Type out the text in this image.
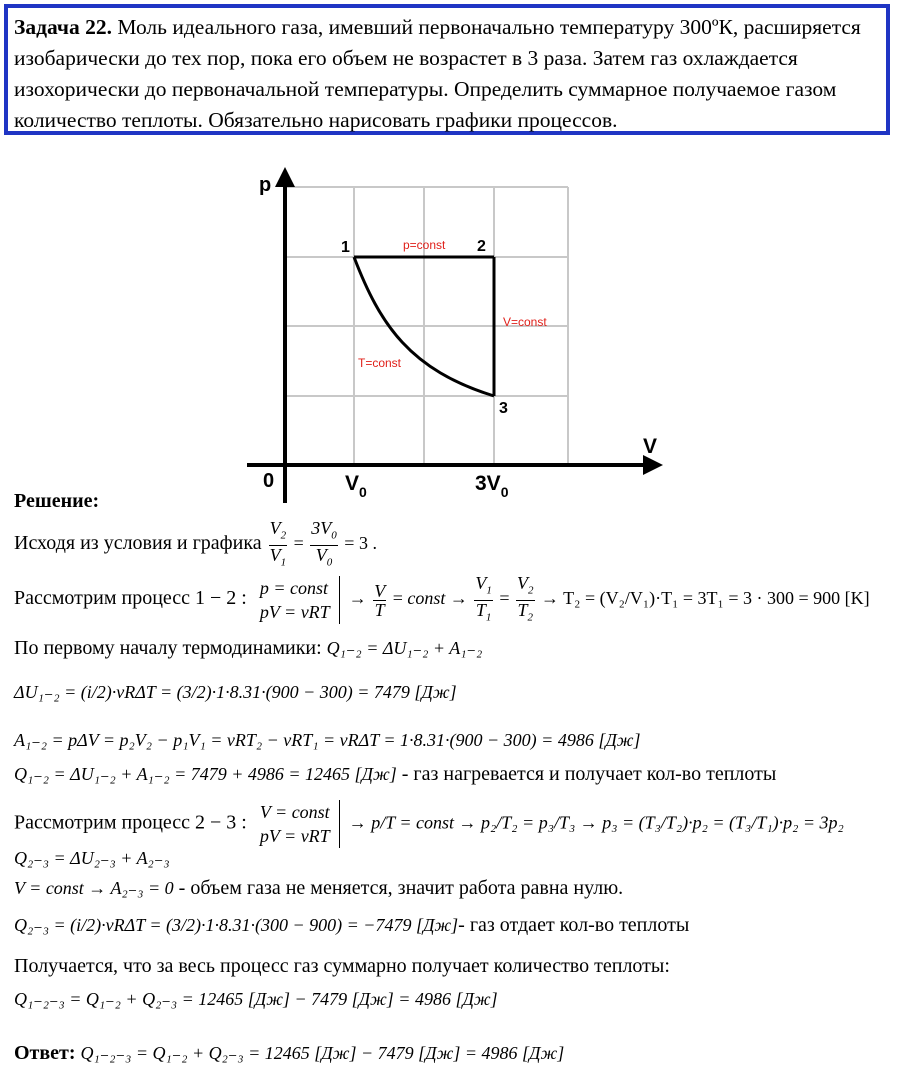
Задача 22. Моль идеального газа, имевший первоначально температуру 300ºК, расширяется изобарически до тех пор, пока его объем не возрастет в 3 раза. Затем газ охлаждается изохорически до первоначальной температуры. Определить суммарное получаемое газом количество теплоты. Обязательно нарисовать графики процессов.

p
V
0	$V_0$	$3V_0$
1	2
3
p=const
V=const
T=const
Решение:
Исходя из условия и графика $\frac{V_2}{V_1} = \frac{3V_0}{V_0} = 3$ .
Рассмотрим процесс 1 − 2 : p = const
pV = νRT
→ $\frac{V}{T}$ = const → $\frac{V_1}{T_1} = \frac{V_2}{T_2} \to T_2 = (V_2/V_1)\cdot T_1 = 3T_1 = 3 \cdot 300 = 900$ [K]
По первому началу термодинамики: Q₁₋₂ = ΔU₁₋₂ + A₁₋₂
ΔU₁₋₂ = (i/2)·νRΔT = (3/2)·1·8.31·(900 − 300) = 7479 [Дж]
A₁₋₂ = pΔV = p₂V₂ − p₁V₁ = νRT₂ − νRT₁ = νRΔT = 1·8.31·(900 − 300) = 4986 [Дж]
Q₁₋₂ = ΔU₁₋₂ + A₁₋₂ = 7479 + 4986 = 12465 [Дж] - газ нагревается и получает кол-во теплоты
Рассмотрим процесс 2 − 3 : V = const
pV = νRT
→ p/T = const → p₂/T₂ = p₃/T₃ → p₃ = (T₃/T₂)·p₂ = (T₃/T₁)·p₂ = 3p₂
Q₂₋₃ = ΔU₂₋₃ + A₂₋₃
V = const → A₂₋₃ = 0 - объем газа не меняется, значит работа равна нулю.
Q₂₋₃ = (i/2)·νRΔT = (3/2)·1·8.31·(300 − 900) = −7479 [Дж]- газ отдает кол-во теплоты
Получается, что за весь процесс газ суммарно получает количество теплоты:
Q₁₋₂₋₃ = Q₁₋₂ + Q₂₋₃ = 12465 [Дж] − 7479 [Дж] = 4986 [Дж]
Ответ: Q₁₋₂₋₃ = Q₁₋₂ + Q₂₋₃ = 12465 [Дж] − 7479 [Дж] = 4986 [Дж]
